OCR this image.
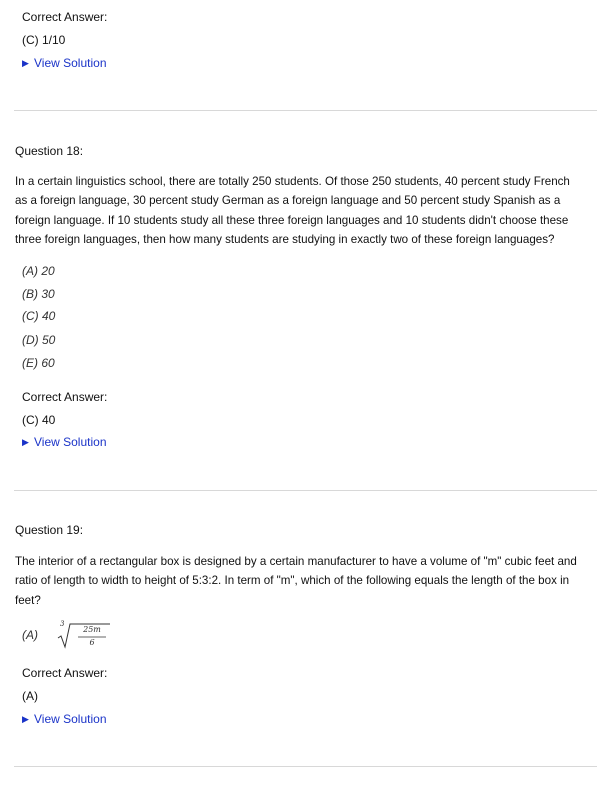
Correct Answer:
(C) 1/10
▶ View Solution
Question 18:
In a certain linguistics school, there are totally 250 students. Of those 250 students, 40 percent study French
as a foreign language, 30 percent study German as a foreign language and 50 percent study Spanish as a
foreign language. If 10 students study all these three foreign languages and 10 students didn't choose these
three foreign languages, then how many students are studying in exactly two of these foreign languages?
(A) 20
(B) 30
(C) 40
(D) 50
(E) 60
Correct Answer:
(C) 40
▶ View Solution
Question 19:
The interior of a rectangular box is designed by a certain manufacturer to have a volume of "m" cubic feet and
ratio of length to width to height of 5:3:2. In term of "m", which of the following equals the length of the box in
feet?
(A)
3
25m
6
Correct Answer:
(A)
▶ View Solution
